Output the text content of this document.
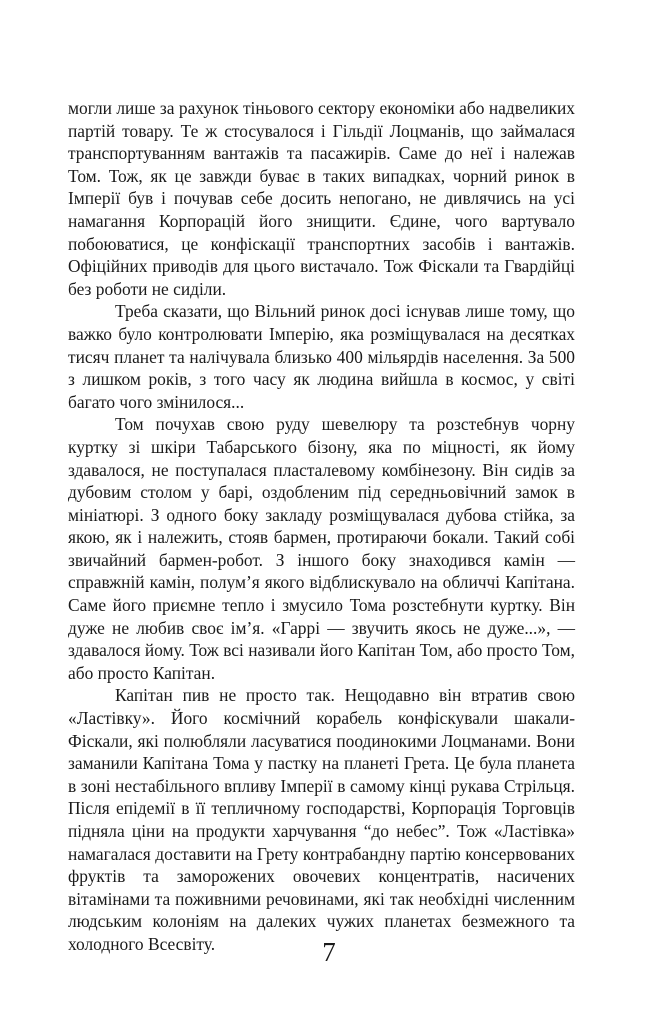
могли лише за рахунок тіньового сектору економіки або надвеликих партій товару. Те ж стосувалося і Гільдії Лоцманів, що займалася транспортуванням вантажів та пасажирів. Саме до неї і належав Том. Тож, як це завжди буває в таких випадках, чорний ринок в Імперії був і почував себе досить непогано, не дивлячись на усі намагання Корпорацій його знищити. Єдине, чого вартувало побоюватися, це конфіскації транспортних засобів і вантажів. Офіційних приводів для цього вистачало. Тож Фіскали та Гвардійці без роботи не сиділи.

Треба сказати, що Вільний ринок досі існував лише тому, що важко було контролювати Імперію, яка розміщувалася на десятках тисяч планет та налічувала близько 400 мільярдів населення. За 500 з лишком років, з того часу як людина вийшла в космос, у світі багато чого змінилося...

Том почухав свою руду шевелюру та розстебнув чорну куртку зі шкіри Табарського бізону, яка по міцності, як йому здавалося, не поступалася пласталевому комбінезону. Він сидів за дубовим столом у барі, оздобленим під середньовічний замок в мініатюрі. З одного боку закладу розміщувалася дубова стійка, за якою, як і належить, стояв бармен, протираючи бокали. Такий собі звичайний бармен-робот. З іншого боку знаходився камін — справжній камін, полум’я якого відблискувало на обличчі Капітана. Саме його приємне тепло і змусило Тома розстебнути куртку. Він дуже не любив своє ім’я. «Гаррі — звучить якось не дуже...», — здавалося йому. Тож всі називали його Капітан Том, або просто Том, або просто Капітан.

Капітан пив не просто так. Нещодавно він втратив свою «Ластівку». Його космічний корабель конфіскували шакали-Фіскали, які полюбляли ласуватися поодинокими Лоцманами. Вони заманили Капітана Тома у пастку на планеті Грета. Це була планета в зоні нестабільного впливу Імперії в самому кінці рукава Стрільця. Після епідемії в її тепличному господарстві, Корпорація Торговців підняла ціни на продукти харчування “до небес”. Тож «Ластівка» намагалася доставити на Грету контрабандну партію консервованих фруктів та заморожених овочевих концентратів, насичених вітамінами та поживними речовинами, які так необхідні численним людським колоніям на далеких чужих планетах безмежного та холодного Всесвіту.	7
